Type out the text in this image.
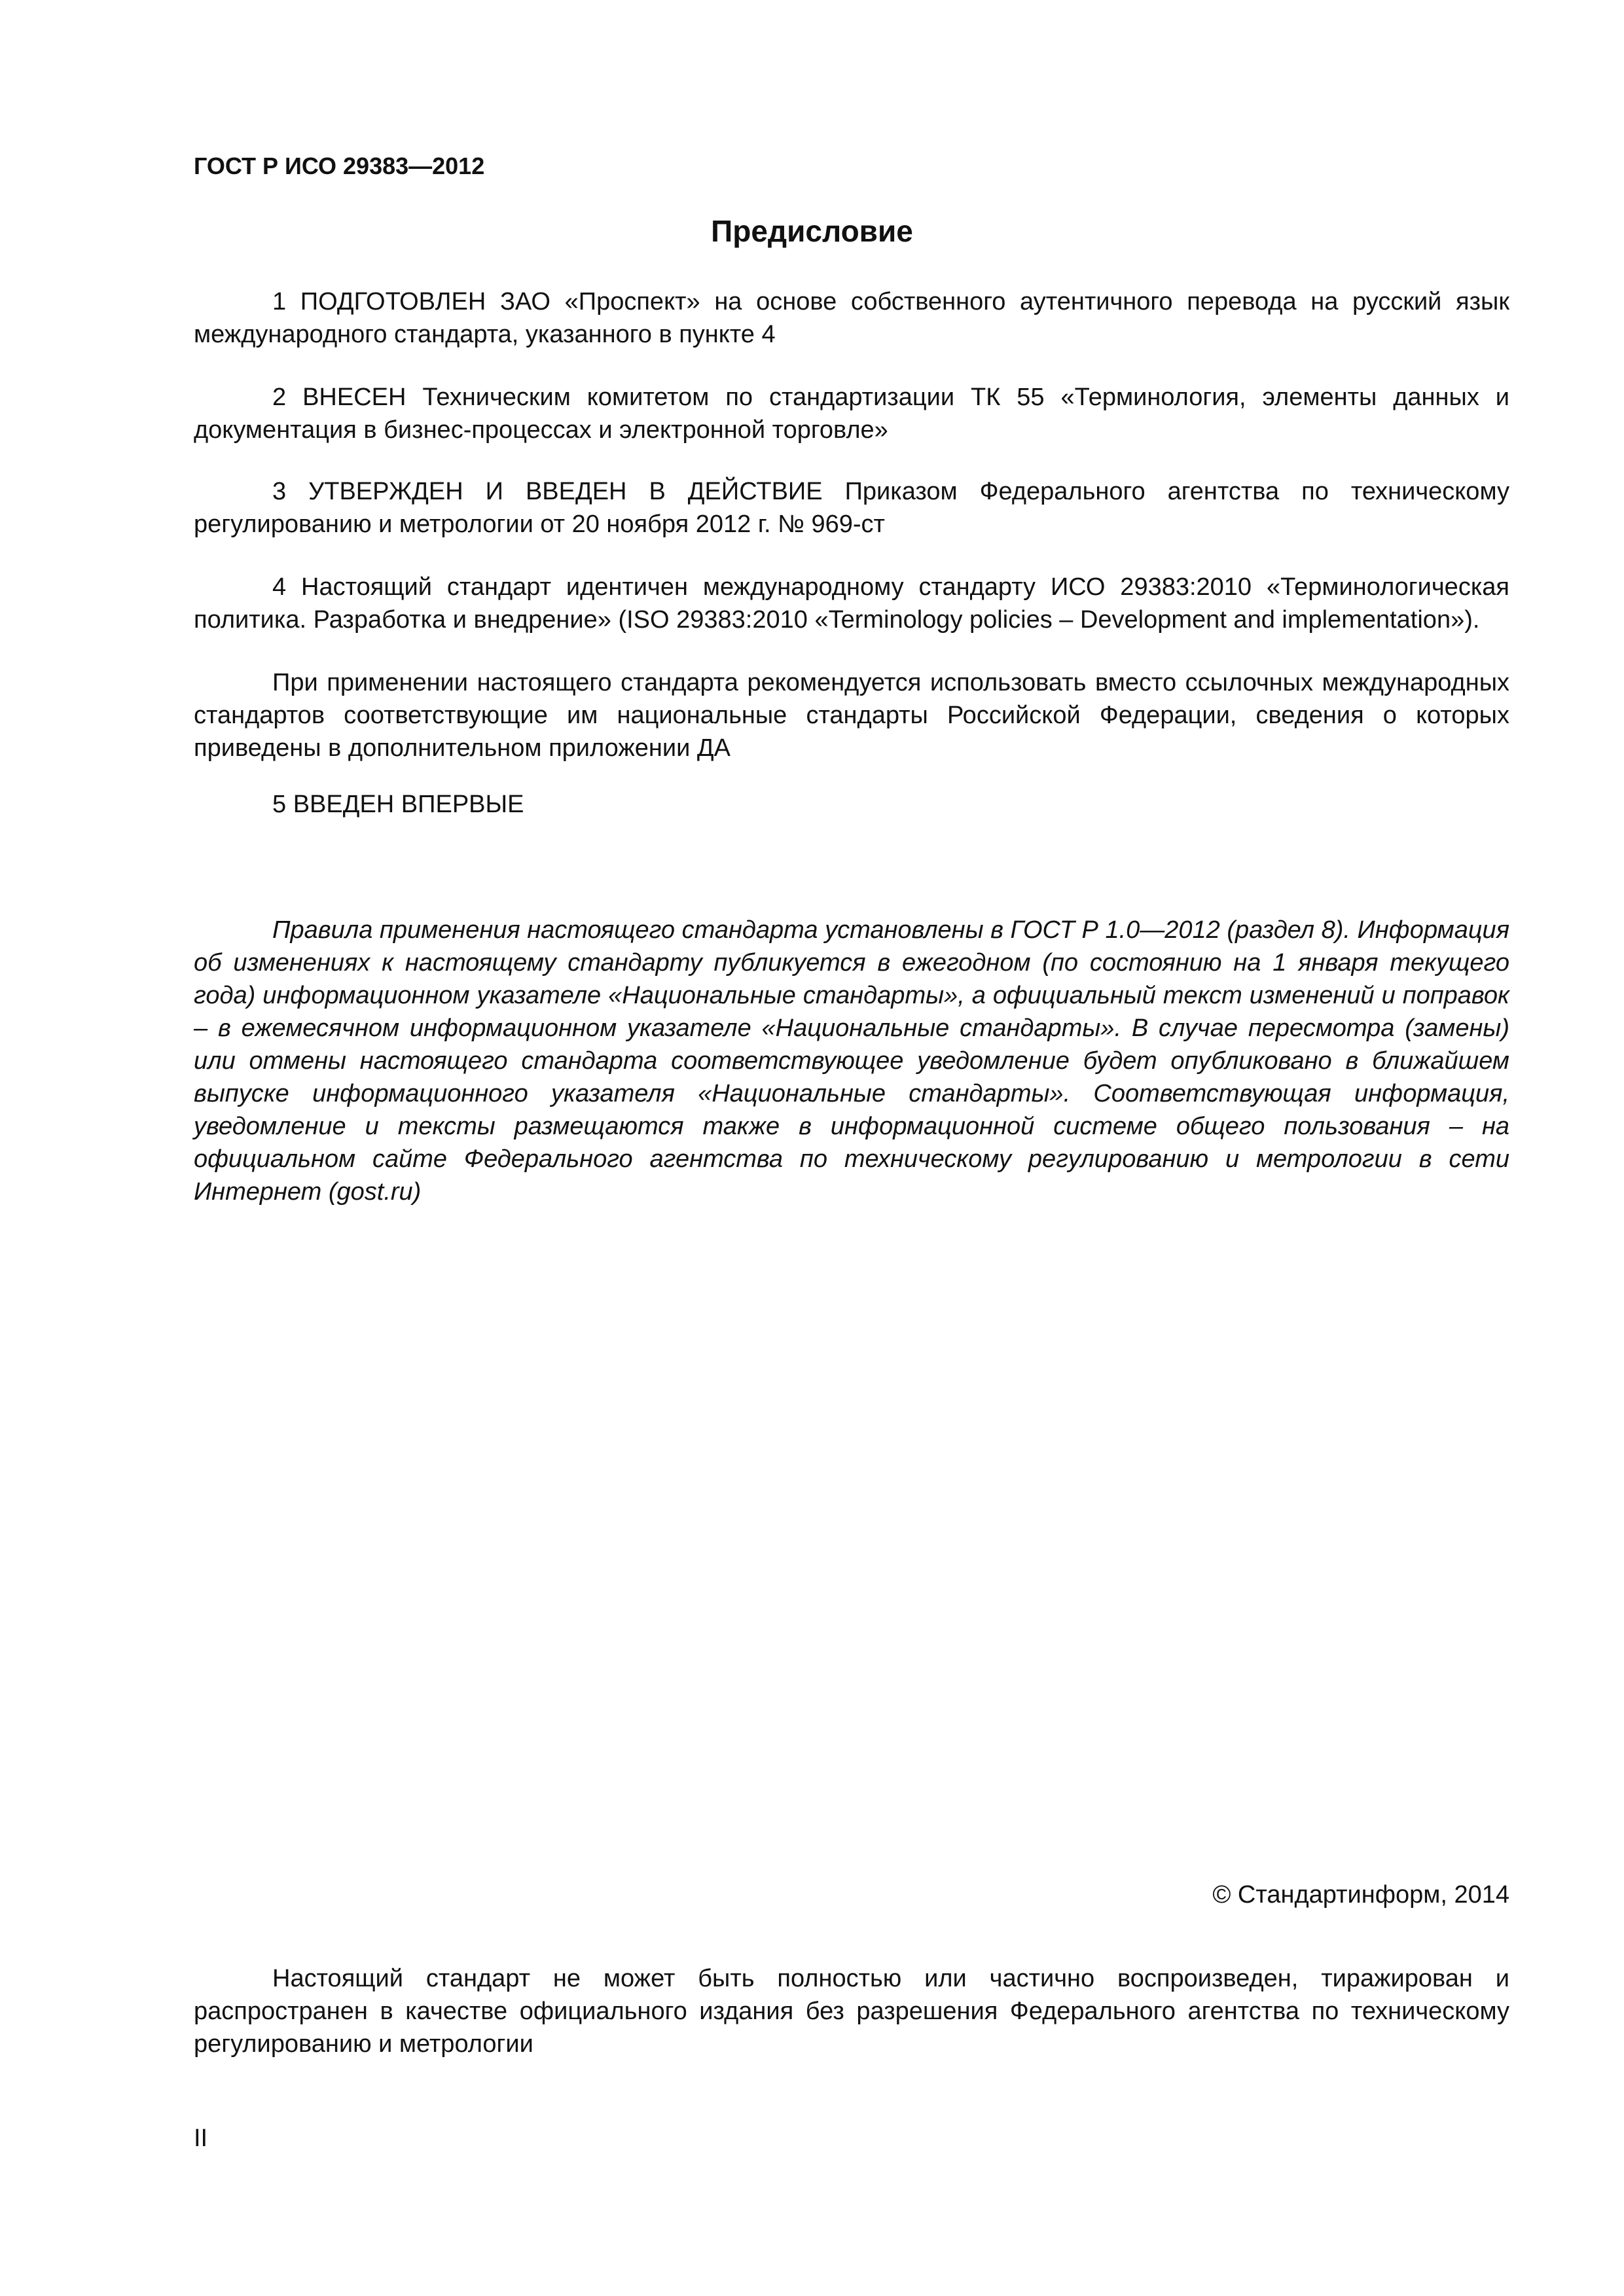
ГОСТ Р ИСО 29383—2012
Предисловие
1 ПОДГОТОВЛЕН ЗАО «Проспект» на основе собственного аутентичного перевода на русский язык международного стандарта, указанного в пункте 4
2 ВНЕСЕН Техническим комитетом по стандартизации ТК 55 «Терминология, элементы данных и документация в бизнес-процессах и электронной торговле»
3 УТВЕРЖДЕН И ВВЕДЕН В ДЕЙСТВИЕ Приказом Федерального агентства по техническому регулированию и метрологии от 20 ноября 2012 г. № 969-ст
4 Настоящий стандарт идентичен международному стандарту ИСО 29383:2010 «Терминологическая политика. Разработка и внедрение» (ISO 29383:2010 «Terminology policies – Development and implementation»).
При применении настоящего стандарта рекомендуется использовать вместо ссылочных международных стандартов соответствующие им национальные стандарты Российской Федерации, сведения о которых приведены в дополнительном приложении ДА
5 ВВЕДЕН ВПЕРВЫЕ
Правила применения настоящего стандарта установлены в ГОСТ Р 1.0—2012 (раздел 8). Информация об изменениях к настоящему стандарту публикуется в ежегодном (по состоянию на 1 января текущего года) информационном указателе «Национальные стандарты», а официальный текст изменений и поправок – в ежемесячном информационном указателе «Национальные стандарты». В случае пересмотра (замены) или отмены настоящего стандарта соответствующее уведомление будет опубликовано в ближайшем выпуске информационного указателя «Национальные стандарты». Соответствующая информация, уведомление и тексты размещаются также в информационной системе общего пользования – на официальном сайте Федерального агентства по техническому регулированию и метрологии в сети Интернет (gost.ru)
© Стандартинформ, 2014
Настоящий стандарт не может быть полностью или частично воспроизведен, тиражирован и распространен в качестве официального издания без разрешения Федерального агентства по техническому регулированию и метрологии
II
